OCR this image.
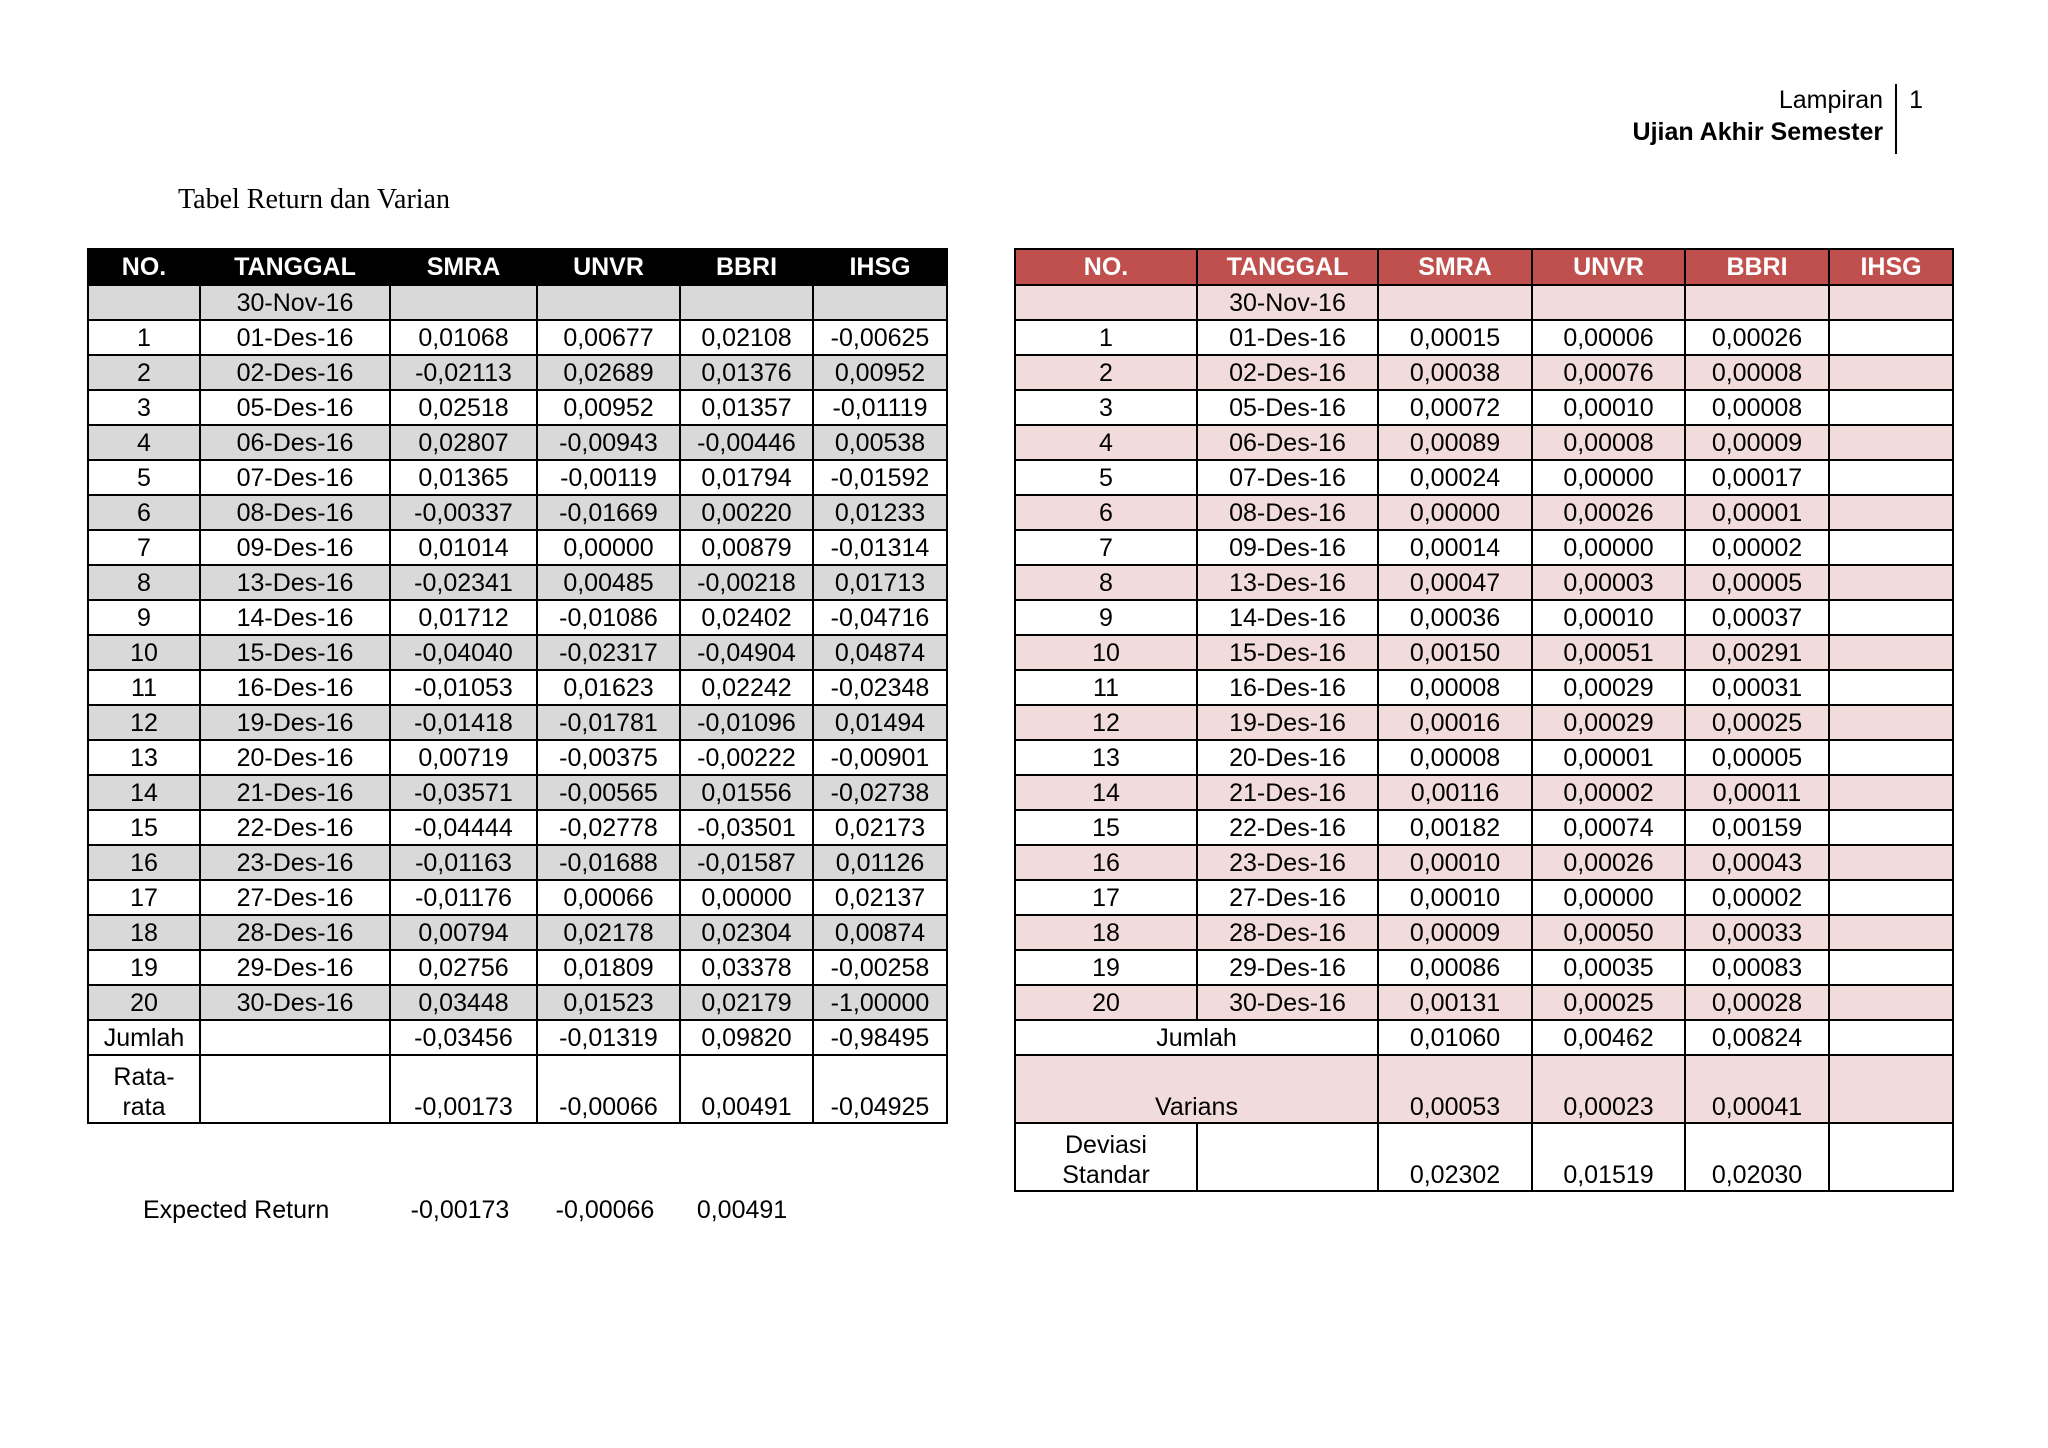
Lampiran
Ujian Akhir Semester
1
Tabel Return dan Varian
NO.	TANGGAL	SMRA	UNVR	BBRI	IHSG
	30-Nov-16				
1	01-Des-16	0,01068	0,00677	0,02108	-0,00625
2	02-Des-16	-0,02113	0,02689	0,01376	0,00952
3	05-Des-16	0,02518	0,00952	0,01357	-0,01119
4	06-Des-16	0,02807	-0,00943	-0,00446	0,00538
5	07-Des-16	0,01365	-0,00119	0,01794	-0,01592
6	08-Des-16	-0,00337	-0,01669	0,00220	0,01233
7	09-Des-16	0,01014	0,00000	0,00879	-0,01314
8	13-Des-16	-0,02341	0,00485	-0,00218	0,01713
9	14-Des-16	0,01712	-0,01086	0,02402	-0,04716
10	15-Des-16	-0,04040	-0,02317	-0,04904	0,04874
11	16-Des-16	-0,01053	0,01623	0,02242	-0,02348
12	19-Des-16	-0,01418	-0,01781	-0,01096	0,01494
13	20-Des-16	0,00719	-0,00375	-0,00222	-0,00901
14	21-Des-16	-0,03571	-0,00565	0,01556	-0,02738
15	22-Des-16	-0,04444	-0,02778	-0,03501	0,02173
16	23-Des-16	-0,01163	-0,01688	-0,01587	0,01126
17	27-Des-16	-0,01176	0,00066	0,00000	0,02137
18	28-Des-16	0,00794	0,02178	0,02304	0,00874
19	29-Des-16	0,02756	0,01809	0,03378	-0,00258
20	30-Des-16	0,03448	0,01523	0,02179	-1,00000
Jumlah		-0,03456	-0,01319	0,09820	-0,98495

Rata-
rata		-0,00173	-0,00066	0,00491	-0,04925
Expected Return	-0,00173	-0,00066	0,00491
NO.	TANGGAL	SMRA	UNVR	BBRI	IHSG
	30-Nov-16				
1	01-Des-16	0,00015	0,00006	0,00026	
2	02-Des-16	0,00038	0,00076	0,00008	
3	05-Des-16	0,00072	0,00010	0,00008	
4	06-Des-16	0,00089	0,00008	0,00009	
5	07-Des-16	0,00024	0,00000	0,00017	
6	08-Des-16	0,00000	0,00026	0,00001	
7	09-Des-16	0,00014	0,00000	0,00002	
8	13-Des-16	0,00047	0,00003	0,00005	
9	14-Des-16	0,00036	0,00010	0,00037	
10	15-Des-16	0,00150	0,00051	0,00291	
11	16-Des-16	0,00008	0,00029	0,00031	
12	19-Des-16	0,00016	0,00029	0,00025	
13	20-Des-16	0,00008	0,00001	0,00005	
14	21-Des-16	0,00116	0,00002	0,00011	
15	22-Des-16	0,00182	0,00074	0,00159	
16	23-Des-16	0,00010	0,00026	0,00043	
17	27-Des-16	0,00010	0,00000	0,00002	
18	28-Des-16	0,00009	0,00050	0,00033	
19	29-Des-16	0,00086	0,00035	0,00083	
20	30-Des-16	0,00131	0,00025	0,00028	
Jumlah		0,01060	0,00462	0,00824	
Varians		0,00053	0,00023	0,00041	

Deviasi
Standar		0,02302	0,01519	0,02030	
